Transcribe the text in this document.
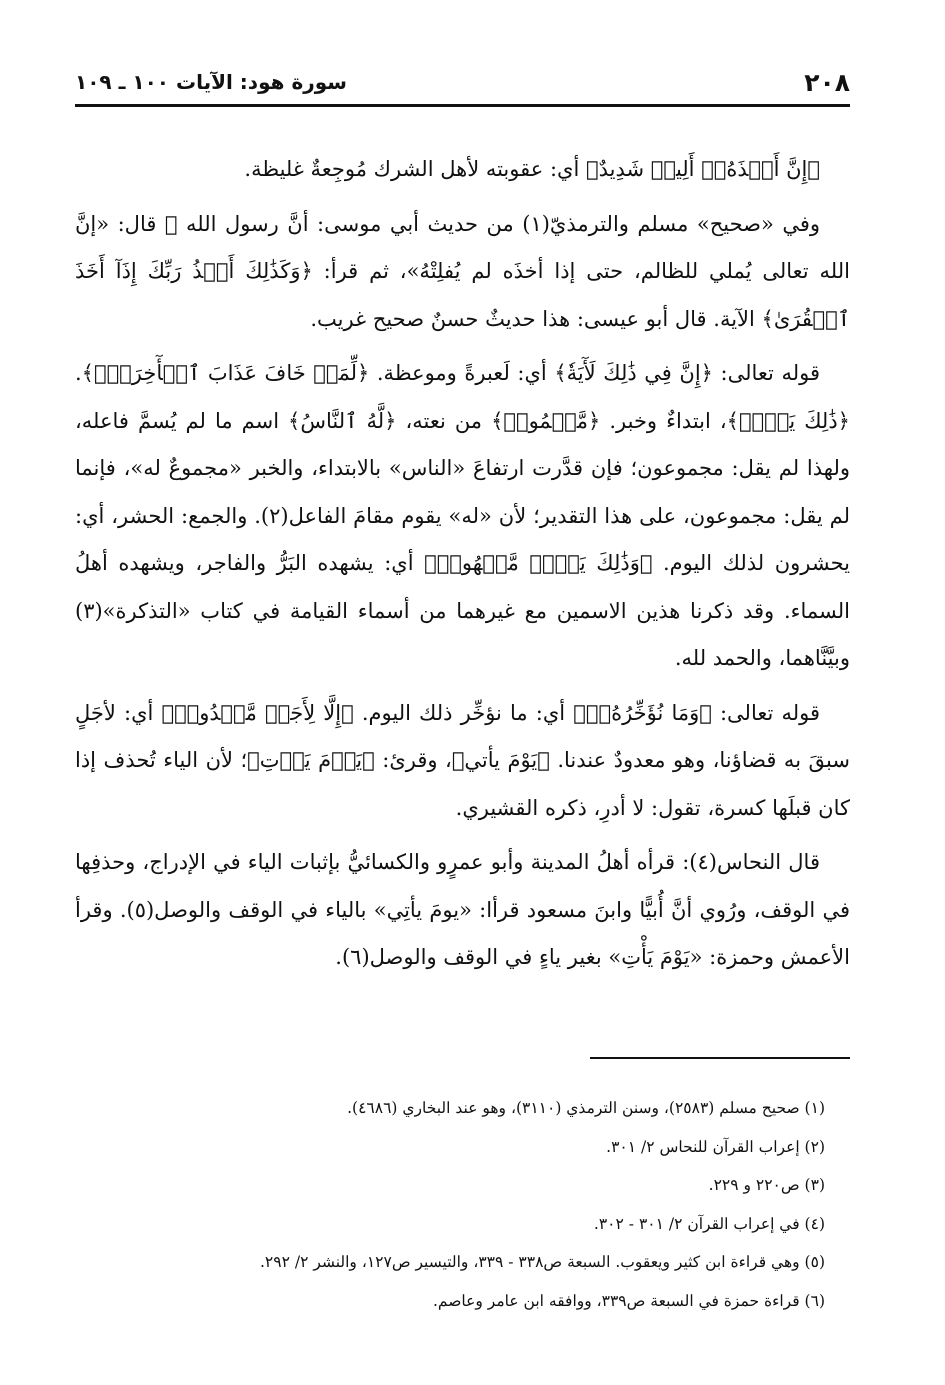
٢٠٨
سورة هود: الآيات ١٠٠ ـ ١٠٩

﴿إِنَّ أَخۡذَهُۥٓ أَلِيمٞ شَدِيدٌ﴾ أي: عقوبته لأهل الشرك مُوجِعةٌ غليظة.

وفي «صحيح» مسلم والترمذيّ(١) من حديث أبي موسى: أنَّ رسول الله ﷺ قال: «إنَّ الله تعالى يُملي للظالم، حتى إذا أخذَه لم يُفلِتْهُ»، ثم قرأ: ﴿وَكَذَٰلِكَ أَخۡذُ رَبِّكَ إِذَآ أَخَذَ ٱلۡقُرَىٰ﴾ الآية. قال أبو عيسى: هذا حديثٌ حسنٌ صحيح غريب.

قوله تعالى: ﴿إِنَّ فِي ذَٰلِكَ لَأٓيَةٗ﴾ أي: لَعبرةً وموعظة. ﴿لِّمَنۡ خَافَ عَذَابَ ٱلۡأٓخِرَةِۚ﴾. ﴿ذَٰلِكَ يَوۡمٞ﴾، ابتداءٌ وخبر. ﴿مَّجۡمُوعٞ﴾ من نعته، ﴿لَّهُ ٱلنَّاسُ﴾ اسم ما لم يُسمَّ فاعله، ولهذا لم يقل: مجموعون؛ فإن قدَّرت ارتفاعَ «الناس» بالابتداء، والخبر «مجموعٌ له»، فإنما لم يقل: مجموعون، على هذا التقدير؛ لأن «له» يقوم مقامَ الفاعل(٢). والجمع: الحشر، أي: يحشرون لذلك اليوم. ﴿وَذَٰلِكَ يَوۡمٞ مَّشۡهُودٞ﴾ أي: يشهده البَرُّ والفاجر، ويشهده أهلُ السماء. وقد ذكرنا هذين الاسمين مع غيرهما من أسماء القيامة في كتاب «التذكرة»(٣) وبيَّنَّاهما، والحمد لله.

قوله تعالى: ﴿وَمَا نُؤَخِّرُهُۥٓ﴾ أي: ما نؤخِّر ذلك اليوم. ﴿إِلَّا لِأَجَلٖ مَّعۡدُودٖ﴾ أي: لأجَلٍ سبقَ به قضاؤنا، وهو معدودٌ عندنا. ﴿يَوْمَ يأتي﴾، وقرئ: ﴿يَوۡمَ يَأۡتِ﴾؛ لأن الياء تُحذف إذا كان قبلَها كسرة، تقول: لا أدرِ، ذكره القشيري.

قال النحاس(٤): قرأه أهلُ المدينة وأبو عمرٍو والكسائيُّ بإثبات الياء في الإدراج، وحذفِها في الوقف، ورُوي أنَّ أُبيًّا وابنَ مسعود قرأا: «يومَ يأتِي» بالياء في الوقف والوصل(٥). وقرأ الأعمش وحمزة: «يَوْمَ يَأْتِ» بغير ياءٍ في الوقف والوصل(٦).

(١) صحيح مسلم (٢٥٨٣)، وسنن الترمذي (٣١١٠)، وهو عند البخاري (٤٦٨٦).

(٢) إعراب القرآن للنحاس ٢/ ٣٠١.

(٣) ص٢٢٠ و ٢٢٩.

(٤) في إعراب القرآن ٢/ ٣٠١ - ٣٠٢.

(٥) وهي قراءة ابن كثير ويعقوب. السبعة ص٣٣٨ - ٣٣٩، والتيسير ص١٢٧، والنشر ٢/ ٢٩٢.

(٦) قراءة حمزة في السبعة ص٣٣٩، ووافقه ابن عامر وعاصم.
